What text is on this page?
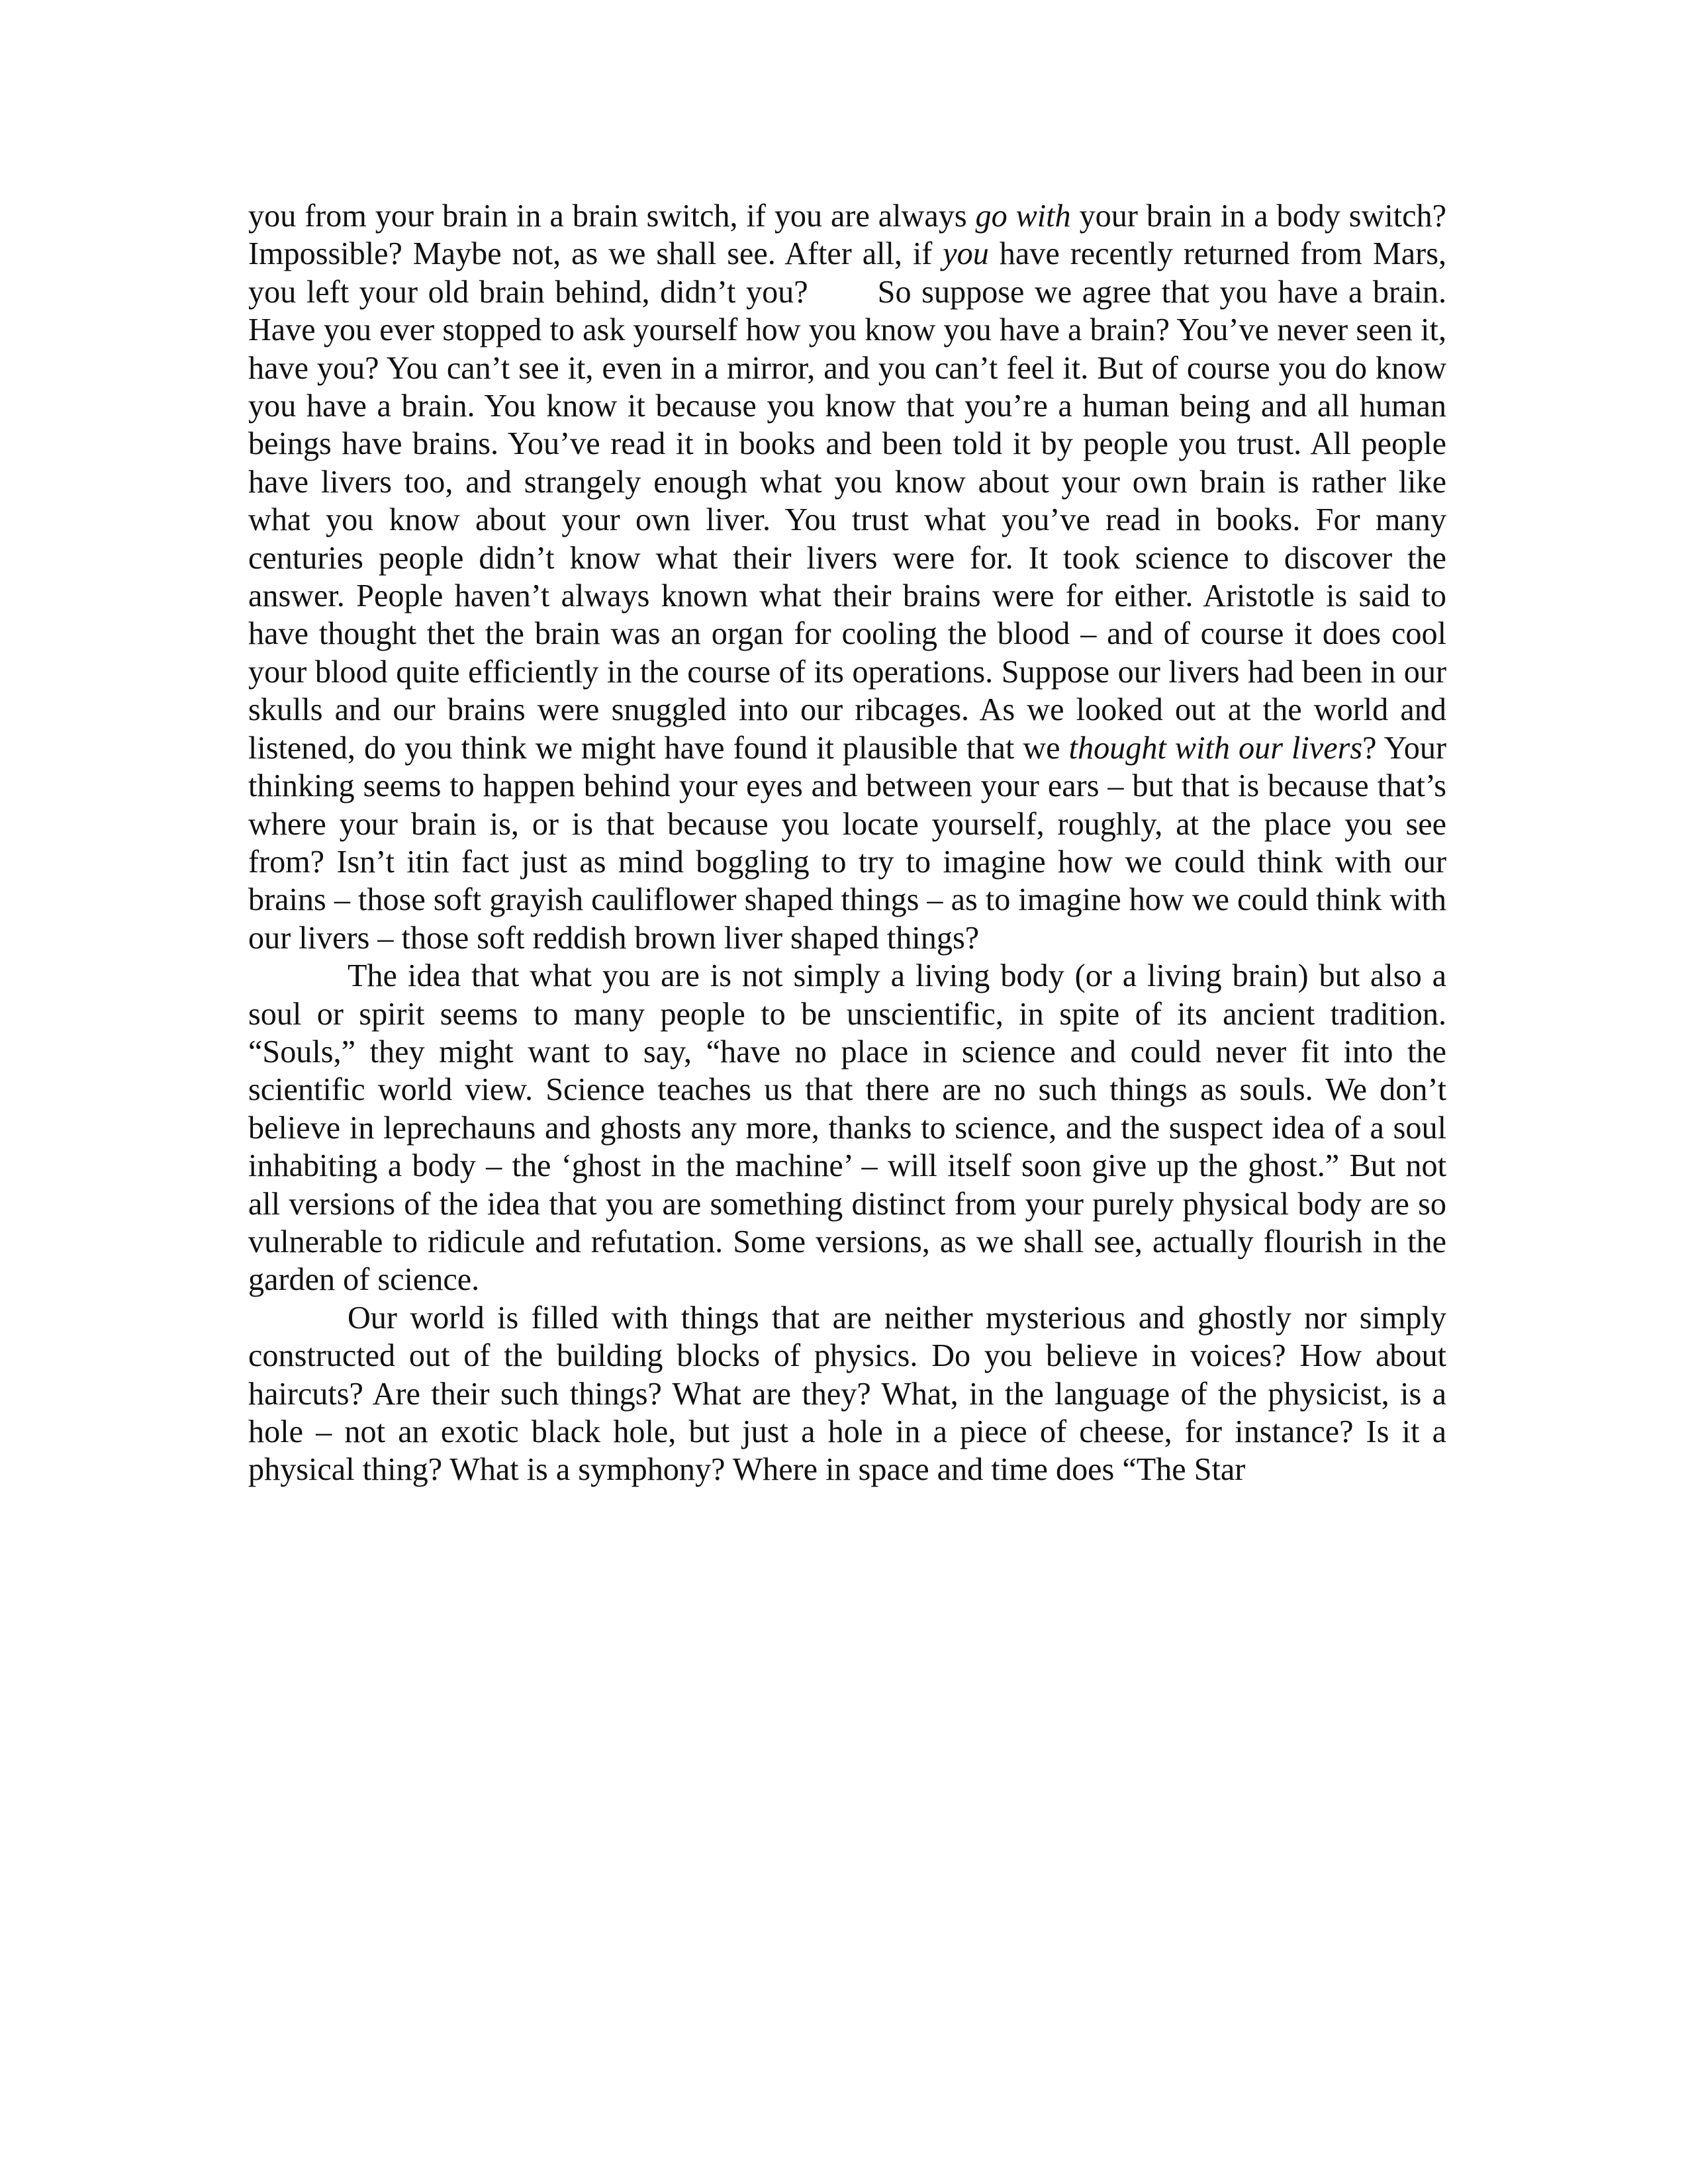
you from your brain in a brain switch, if you are always go with your brain in a body switch? Impossible? Maybe not, as we shall see. After all, if you have recently returned from Mars, you left your old brain behind, didn’t you? So suppose we agree that you have a brain. Have you ever stopped to ask yourself how you know you have a brain? You’ve never seen it, have you? You can’t see it, even in a mirror, and you can’t feel it. But of course you do know you have a brain. You know it because you know that you’re a human being and all human beings have brains. You’ve read it in books and been told it by people you trust. All people have livers too, and strangely enough what you know about your own brain is rather like what you know about your own liver. You trust what you’ve read in books. For many centuries people didn’t know what their livers were for. It took science to discover the answer. People haven’t always known what their brains were for either. Aristotle is said to have thought thet the brain was an organ for cooling the blood – and of course it does cool your blood quite efficiently in the course of its operations. Suppose our livers had been in our skulls and our brains were snuggled into our ribcages. As we looked out at the world and listened, do you think we might have found it plausible that we thought with our livers? Your thinking seems to happen behind your eyes and between your ears – but that is because that’s where your brain is, or is that because you locate yourself, roughly, at the place you see from? Isn’t itin fact just as mind boggling to try to imagine how we could think with our brains – those soft grayish cauliflower shaped things – as to imagine how we could think with our livers – those soft reddish brown liver shaped things?

The idea that what you are is not simply a living body (or a living brain) but also a soul or spirit seems to many people to be unscientific, in spite of its ancient tradition. “Souls,” they might want to say, “have no place in science and could never fit into the scientific world view. Science teaches us that there are no such things as souls. We don’t believe in leprechauns and ghosts any more, thanks to science, and the suspect idea of a soul inhabiting a body – the ‘ghost in the machine’ – will itself soon give up the ghost.” But not all versions of the idea that you are something distinct from your purely physical body are so vulnerable to ridicule and refutation. Some versions, as we shall see, actually flourish in the garden of science.

Our world is filled with things that are neither mysterious and ghostly nor simply constructed out of the building blocks of physics. Do you believe in voices? How about haircuts? Are their such things? What are they? What, in the language of the physicist, is a hole – not an exotic black hole, but just a hole in a piece of cheese, for instance? Is it a physical thing? What is a symphony? Where in space and time does “The Star
